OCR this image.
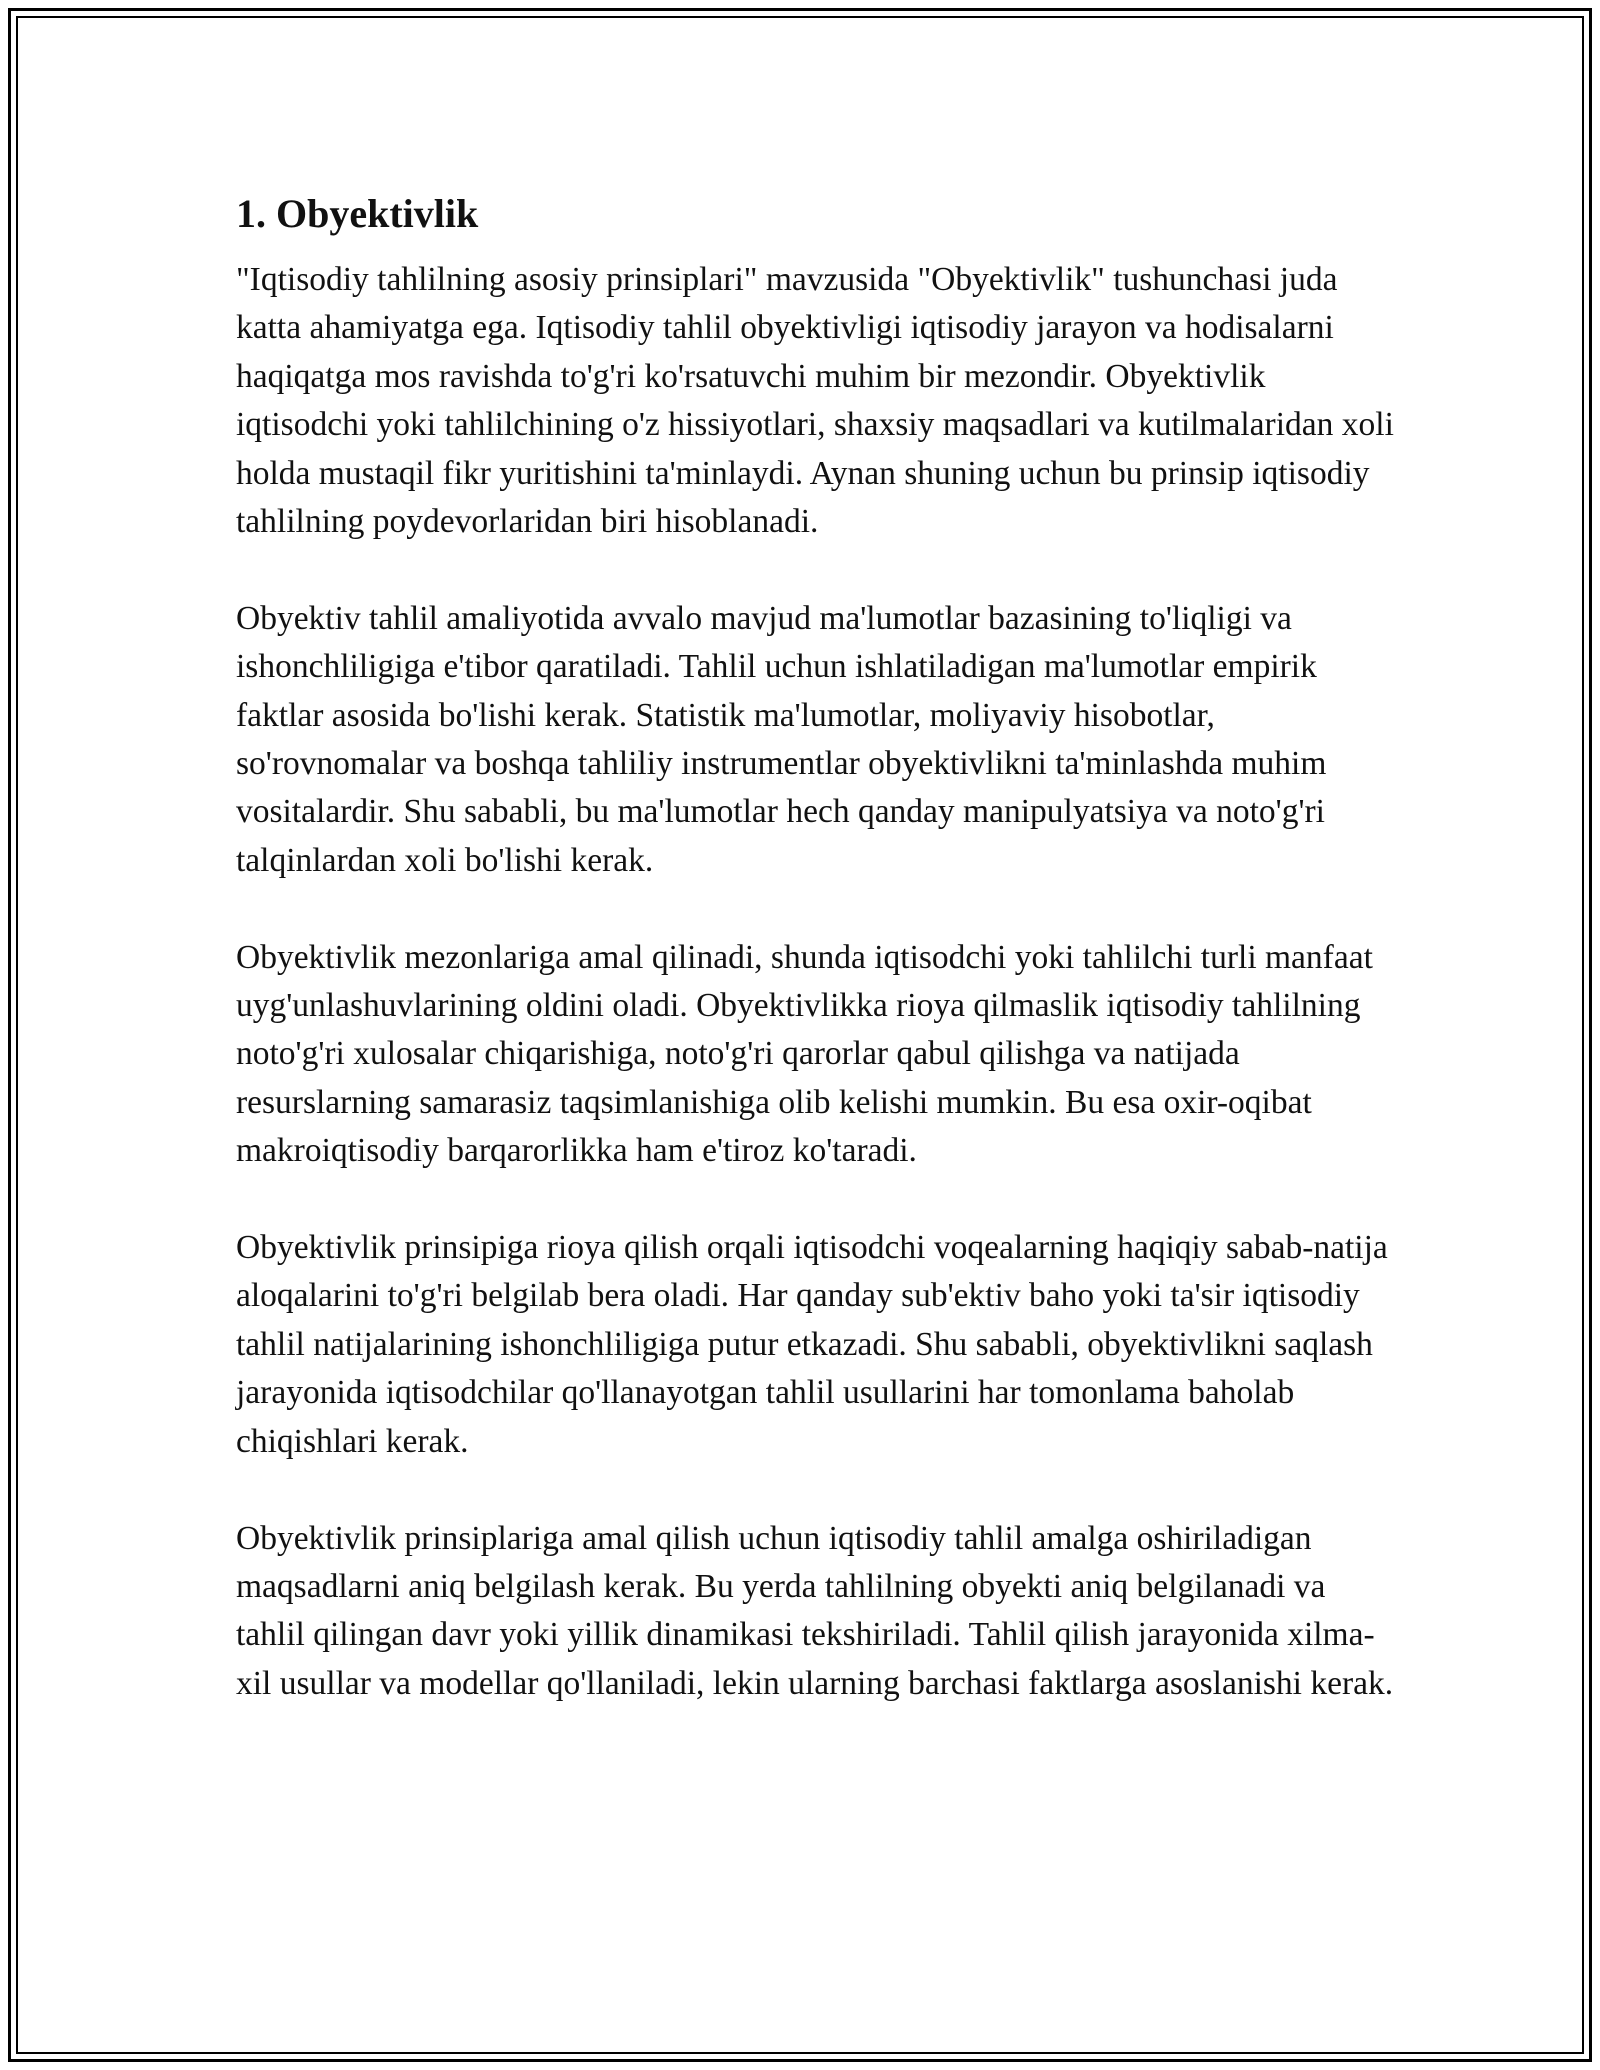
1. Obyektivlik

"Iqtisodiy tahlilning asosiy prinsiplari" mavzusida "Obyektivlik" tushunchasi juda katta ahamiyatga ega. Iqtisodiy tahlil obyektivligi iqtisodiy jarayon va hodisalarni haqiqatga mos ravishda to'g'ri ko'rsatuvchi muhim bir mezondir. Obyektivlik iqtisodchi yoki tahlilchining o'z hissiyotlari, shaxsiy maqsadlari va kutilmalaridan xoli holda mustaqil fikr yuritishini ta'minlaydi. Aynan shuning uchun bu prinsip iqtisodiy tahlilning poydevorlaridan biri hisoblanadi.

Obyektiv tahlil amaliyotida avvalo mavjud ma'lumotlar bazasining to'liqligi va ishonchliligiga e'tibor qaratiladi. Tahlil uchun ishlatiladigan ma'lumotlar empirik faktlar asosida bo'lishi kerak. Statistik ma'lumotlar, moliyaviy hisobotlar, so'rovnomalar va boshqa tahliliy instrumentlar obyektivlikni ta'minlashda muhim vositalardir. Shu sababli, bu ma'lumotlar hech qanday manipulyatsiya va noto'g'ri talqinlardan xoli bo'lishi kerak.

Obyektivlik mezonlariga amal qilinadi, shunda iqtisodchi yoki tahlilchi turli manfaat uyg'unlashuvlarining oldini oladi. Obyektivlikka rioya qilmaslik iqtisodiy tahlilning noto'g'ri xulosalar chiqarishiga, noto'g'ri qarorlar qabul qilishga va natijada resurslarning samarasiz taqsimlanishiga olib kelishi mumkin. Bu esa oxir-oqibat makroiqtisodiy barqarorlikka ham e'tiroz ko'taradi.

Obyektivlik prinsipiga rioya qilish orqali iqtisodchi voqealarning haqiqiy sabab-natija aloqalarini to'g'ri belgilab bera oladi. Har qanday sub'ektiv baho yoki ta'sir iqtisodiy tahlil natijalarining ishonchliligiga putur etkazadi. Shu sababli, obyektivlikni saqlash jarayonida iqtisodchilar qo'llanayotgan tahlil usullarini har tomonlama baholab chiqishlari kerak.

Obyektivlik prinsiplariga amal qilish uchun iqtisodiy tahlil amalga oshiriladigan maqsadlarni aniq belgilash kerak. Bu yerda tahlilning obyekti aniq belgilanadi va tahlil qilingan davr yoki yillik dinamikasi tekshiriladi. Tahlil qilish jarayonida xilma-xil usullar va modellar qo'llaniladi, lekin ularning barchasi faktlarga asoslanishi kerak.
